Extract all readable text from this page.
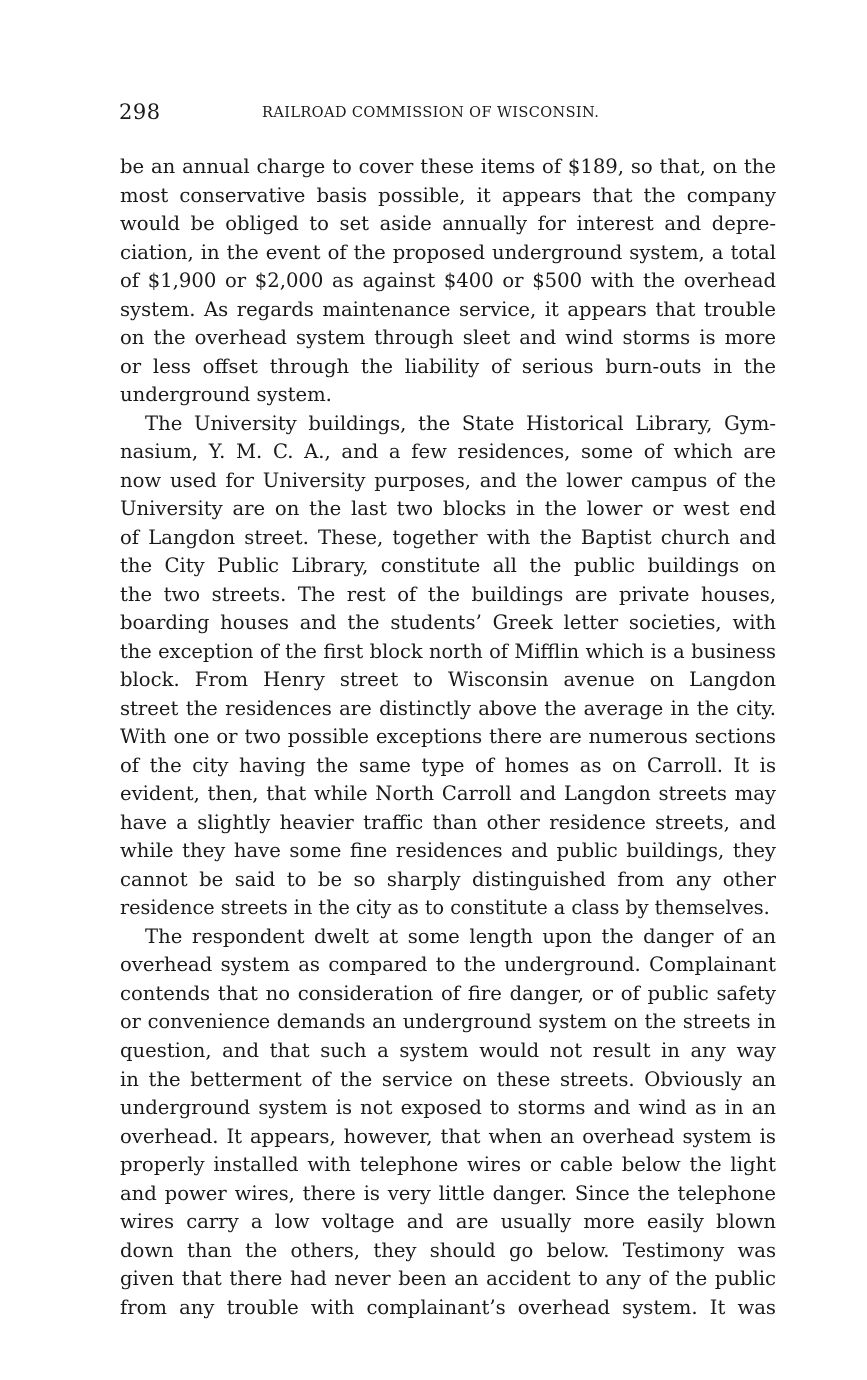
298	RAILROAD COMMISSION OF WISCONSIN.
be an annual charge to cover these items of $189, so that, on the
most conservative basis possible, it appears that the company
would be obliged to set aside annually for interest and depre-
ciation, in the event of the proposed underground system, a total
of $1,900 or $2,000 as against $400 or $500 with the overhead
system. As regards maintenance service, it appears that trouble
on the overhead system through sleet and wind storms is more
or less offset through the liability of serious burn-outs in the
underground system.
The University buildings, the State Historical Library, Gym-
nasium, Y. M. C. A., and a few residences, some of which are
now used for University purposes, and the lower campus of the
University are on the last two blocks in the lower or west end
of Langdon street. These, together with the Baptist church and
the City Public Library, constitute all the public buildings on
the two streets. The rest of the buildings are private houses,
boarding houses and the students’ Greek letter societies, with
the exception of the first block north of Mifflin which is a business
block. From Henry street to Wisconsin avenue on Langdon
street the residences are distinctly above the average in the city.
With one or two possible exceptions there are numerous sections
of the city having the same type of homes as on Carroll. It is
evident, then, that while North Carroll and Langdon streets may
have a slightly heavier traffic than other residence streets, and
while they have some fine residences and public buildings, they
cannot be said to be so sharply distinguished from any other
residence streets in the city as to constitute a class by themselves.
The respondent dwelt at some length upon the danger of an
overhead system as compared to the underground. Complainant
contends that no consideration of fire danger, or of public safety
or convenience demands an underground system on the streets in
question, and that such a system would not result in any way
in the betterment of the service on these streets. Obviously an
underground system is not exposed to storms and wind as in an
overhead. It appears, however, that when an overhead system is
properly installed with telephone wires or cable below the light
and power wires, there is very little danger. Since the telephone
wires carry a low voltage and are usually more easily blown
down than the others, they should go below. Testimony was
given that there had never been an accident to any of the public
from any trouble with complainant’s overhead system. It was
